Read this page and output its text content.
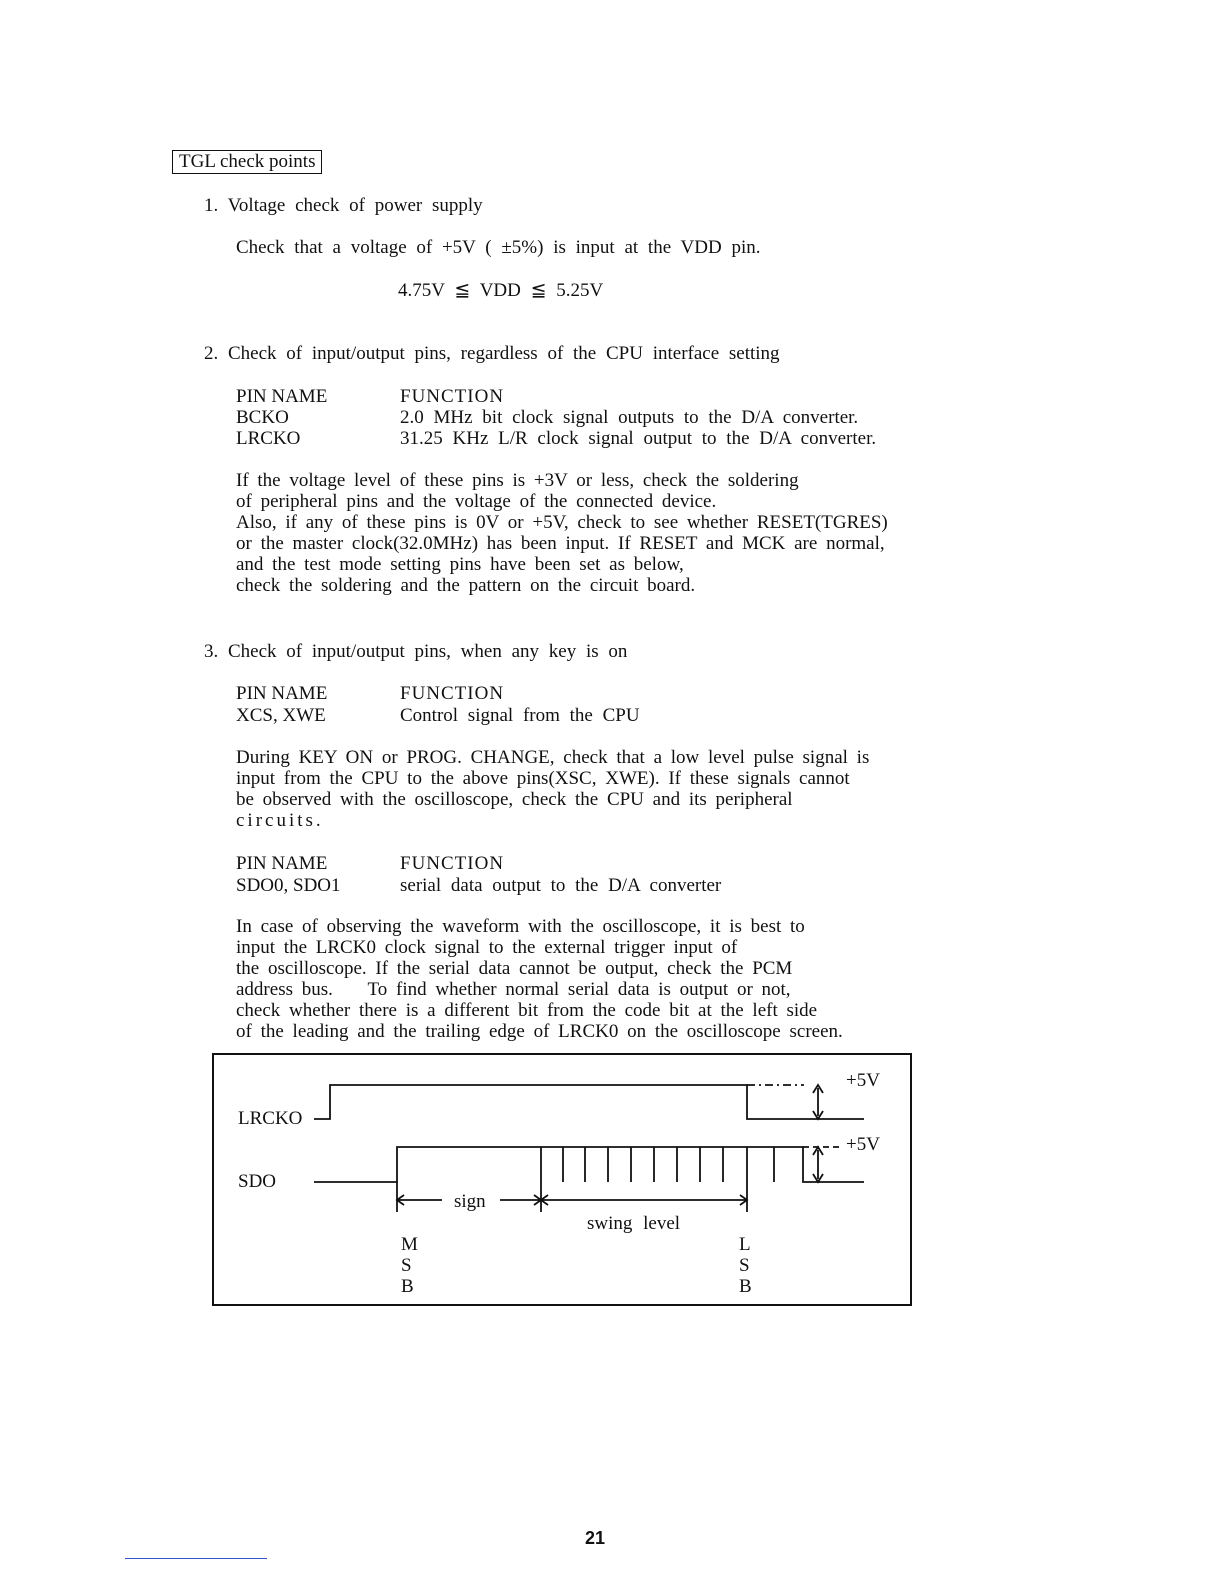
TGL check points
1. Voltage check of power supply
Check that a voltage of +5V ( ±5%) is input at the VDD pin.
4.75V ≦ VDD ≦ 5.25V
2. Check of input/output pins, regardless of the CPU interface setting
PIN NAME	FUNCTION
BCKO	2.0 MHz bit clock signal outputs to the D/A converter.
LRCKO	31.25 KHz L/R clock signal output to the D/A converter.
If the voltage level of these pins is +3V or less, check the soldering
of peripheral pins and the voltage of the connected device.
Also, if any of these pins is 0V or +5V, check to see whether RESET(TGRES)
or the master clock(32.0MHz) has been input. If RESET and MCK are normal,
and the test mode setting pins have been set as below,
check the soldering and the pattern on the circuit board.
3. Check of input/output pins, when any key is on
PIN NAME	FUNCTION
XCS, XWE	Control signal from the CPU
During KEY ON or PROG. CHANGE, check that a low level pulse signal is
input from the CPU to the above pins(XSC, XWE). If these signals cannot
be observed with the oscilloscope, check the CPU and its peripheral
circuits.
PIN NAME	FUNCTION
SDO0, SDO1	serial data output to the D/A converter
In case of observing the waveform with the oscilloscope, it is best to
input the LRCK0 clock signal to the external trigger input of
the oscilloscope. If the serial data cannot be output, check the PCM
address bus.    To find whether normal serial data is output or not,
check whether there is a different bit from the code bit at the left side
of the leading and the trailing edge of LRCK0 on the oscilloscope screen.
LRCKO
SDO
+5V
+5V
sign
swing level
M
S
B
L
S
B
21
